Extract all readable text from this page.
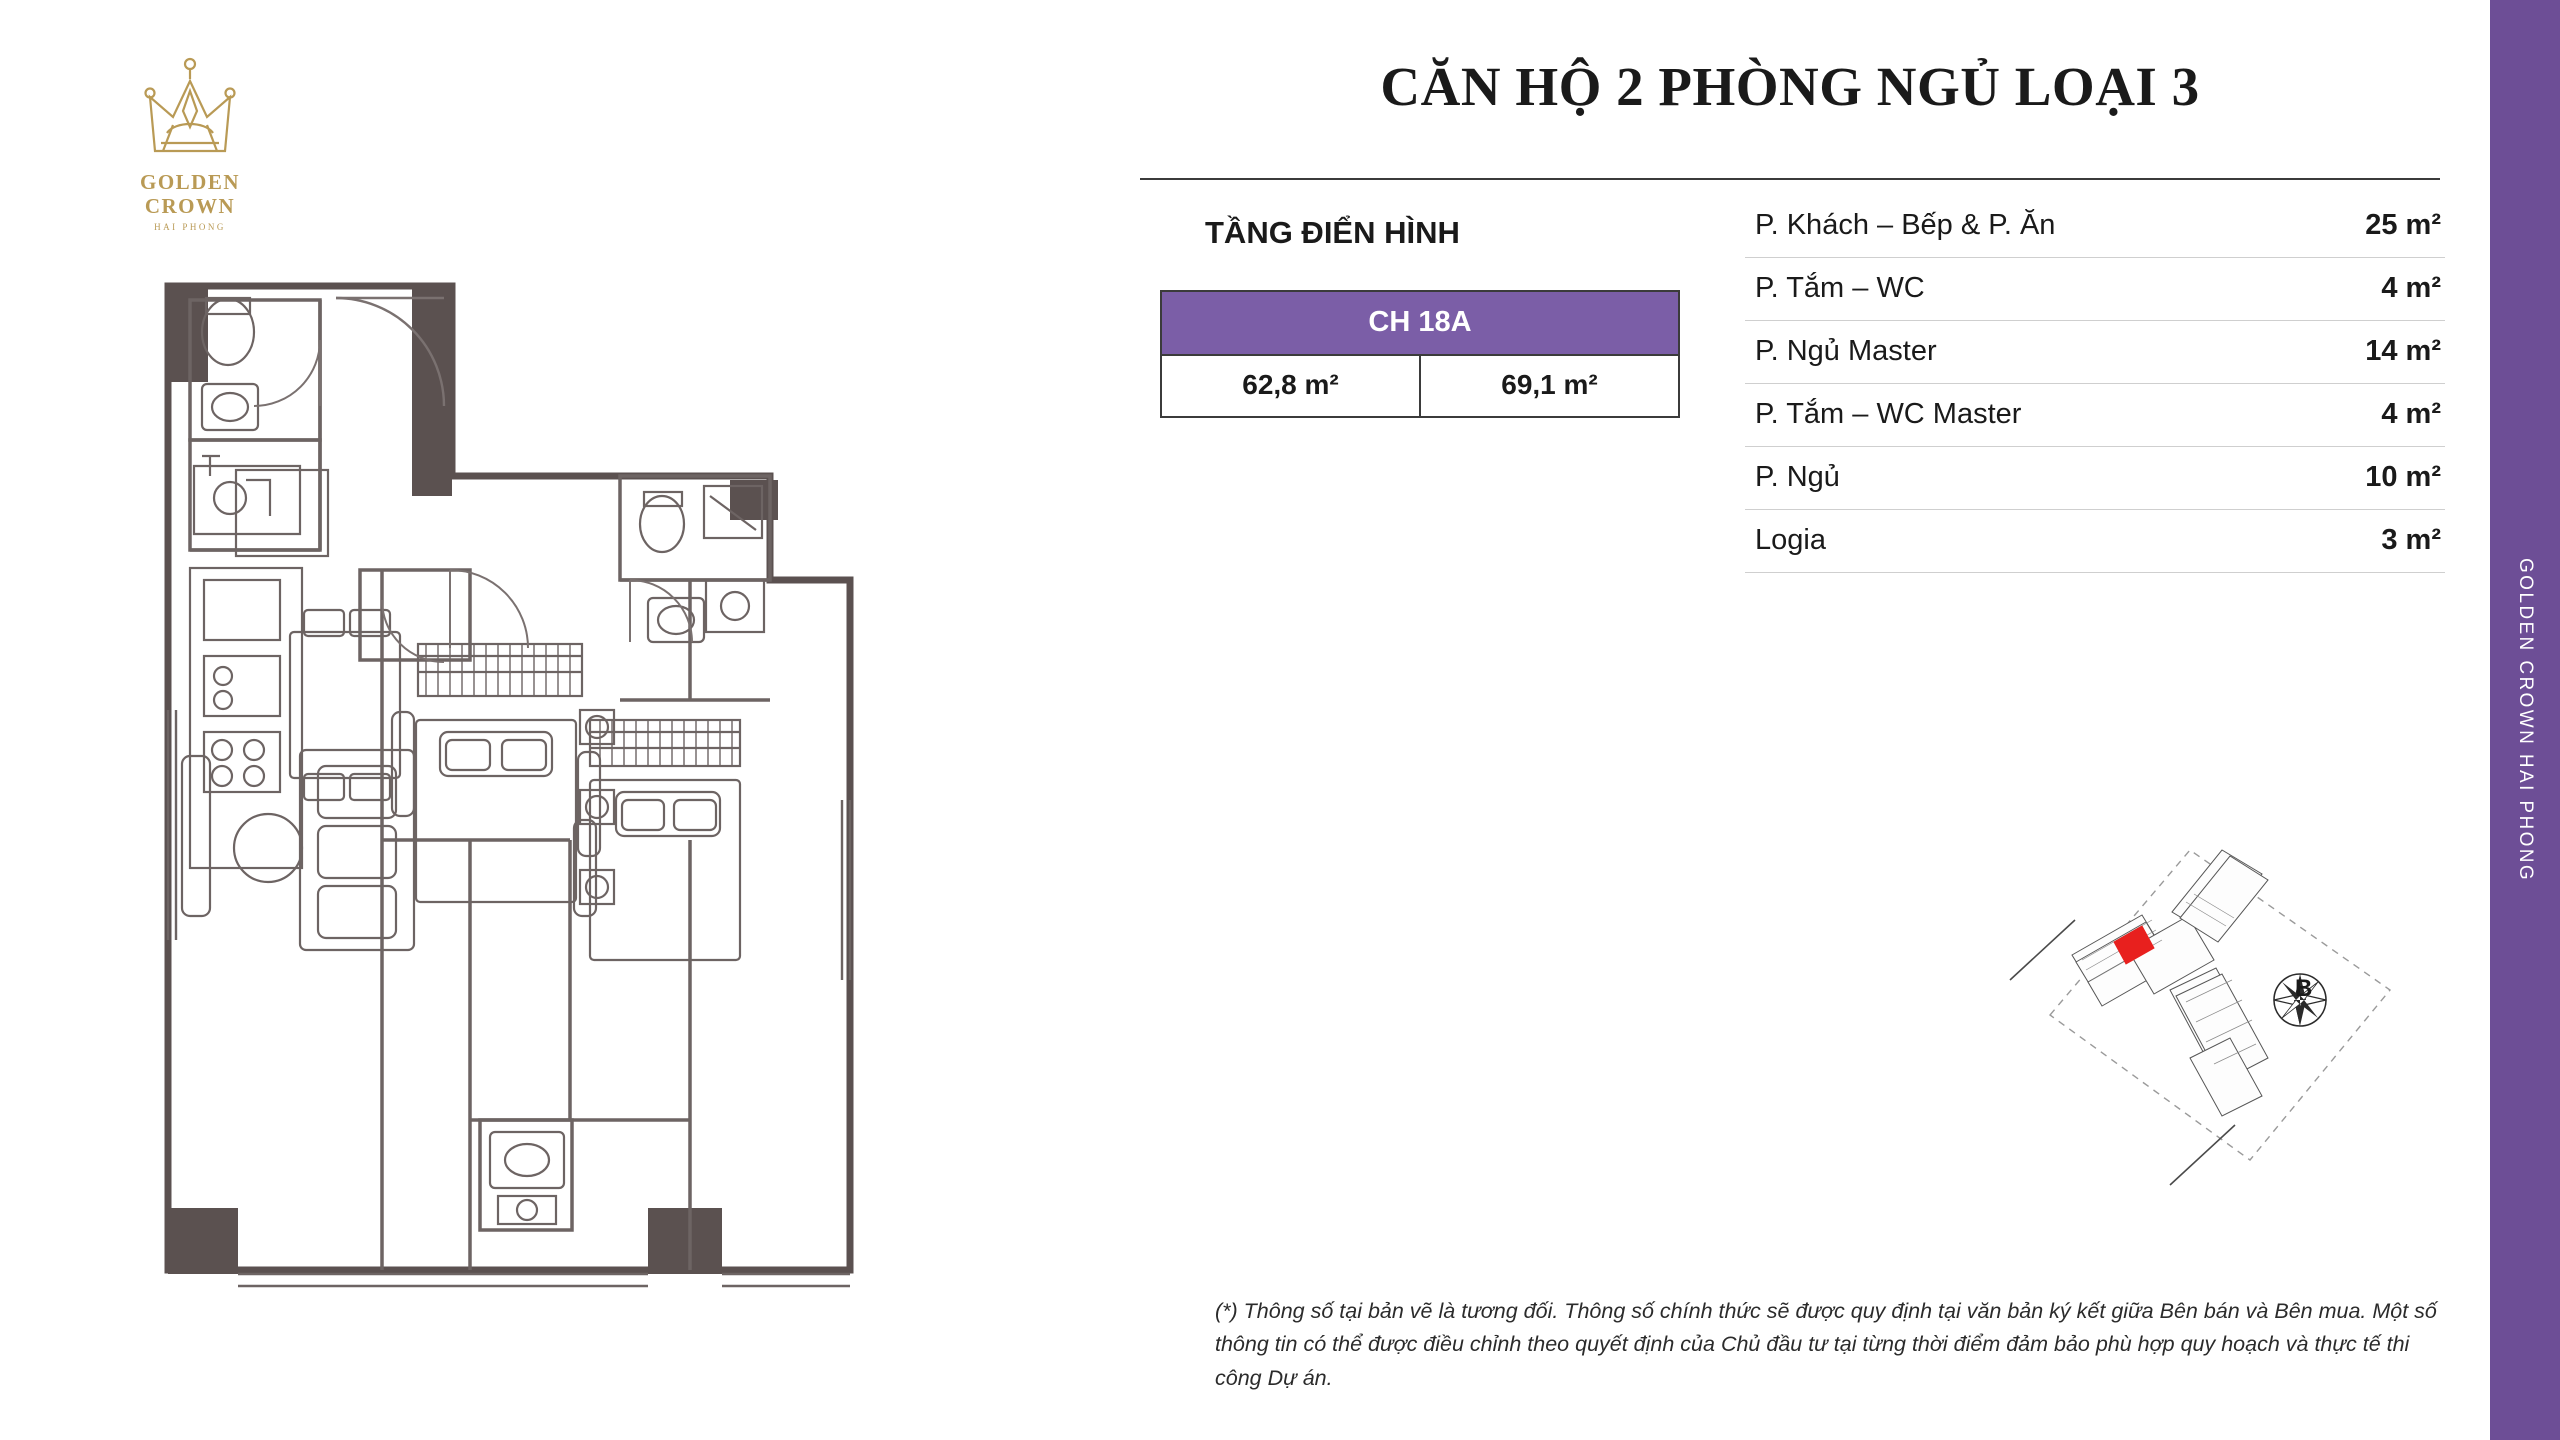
GOLDEN
CROWN
HAI PHONG
CĂN HỘ 2 PHÒNG NGỦ LOẠI 3
TẦNG ĐIỂN HÌNH
CH 18A
62,8 m²	69,1 m²
P. Khách – Bếp & P. Ăn	25 m²
P. Tắm – WC	4 m²
P. Ngủ Master	14 m²
P. Tắm – WC Master	4 m²
P. Ngủ	10 m²
Logia	3 m²
B
(*) Thông số tại bản vẽ là tương đối. Thông số chính thức sẽ được quy định tại văn bản ký kết giữa Bên bán và Bên mua. Một số thông tin có thể được điều chỉnh theo quyết định của Chủ đầu tư tại từng thời điểm đảm bảo phù hợp quy hoạch và thực tế thi công Dự án.
GOLDEN CROWN HAI PHONG
